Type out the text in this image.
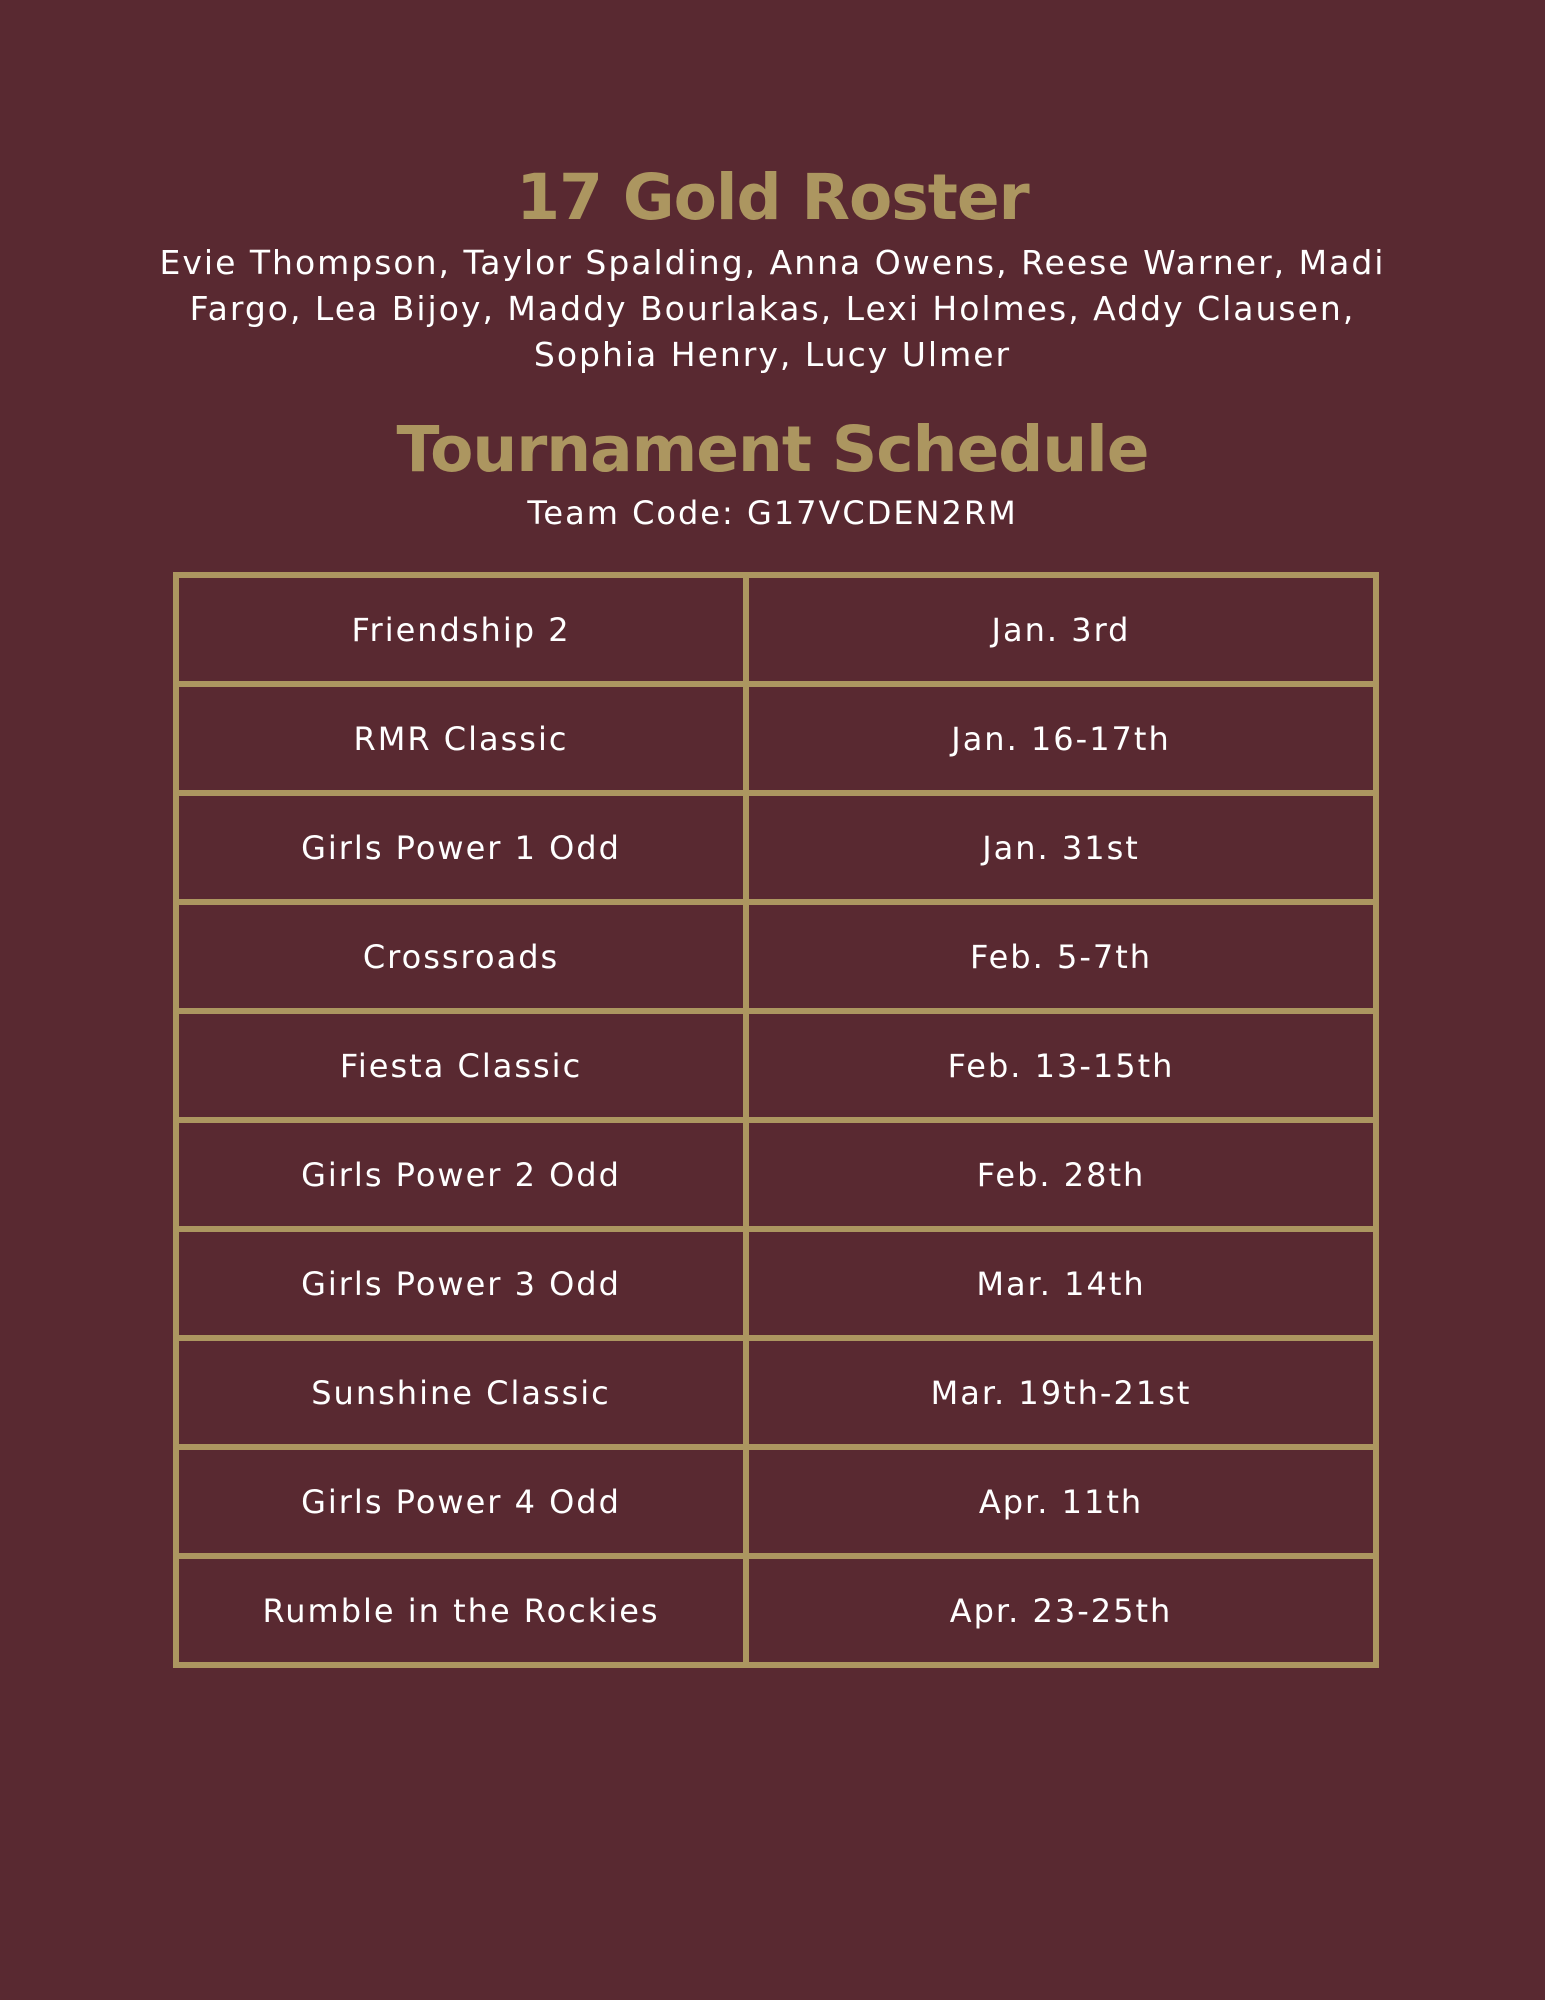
17 Gold Roster
Evie Thompson, Taylor Spalding, Anna Owens, Reese Warner, Madi Fargo, Lea Bijoy, Maddy Bourlakas, Lexi Holmes, Addy Clausen, Sophia Henry, Lucy Ulmer
Tournament Schedule
Team Code: G17VCDEN2RM
Friendship 2	Jan. 3rd
RMR Classic	Jan. 16-17th
Girls Power 1 Odd	Jan. 31st
Crossroads	Feb. 5-7th
Fiesta Classic	Feb. 13-15th
Girls Power 2 Odd	Feb. 28th
Girls Power 3 Odd	Mar. 14th
Sunshine Classic	Mar. 19th-21st
Girls Power 4 Odd	Apr. 11th
Rumble in the Rockies	Apr. 23-25th
